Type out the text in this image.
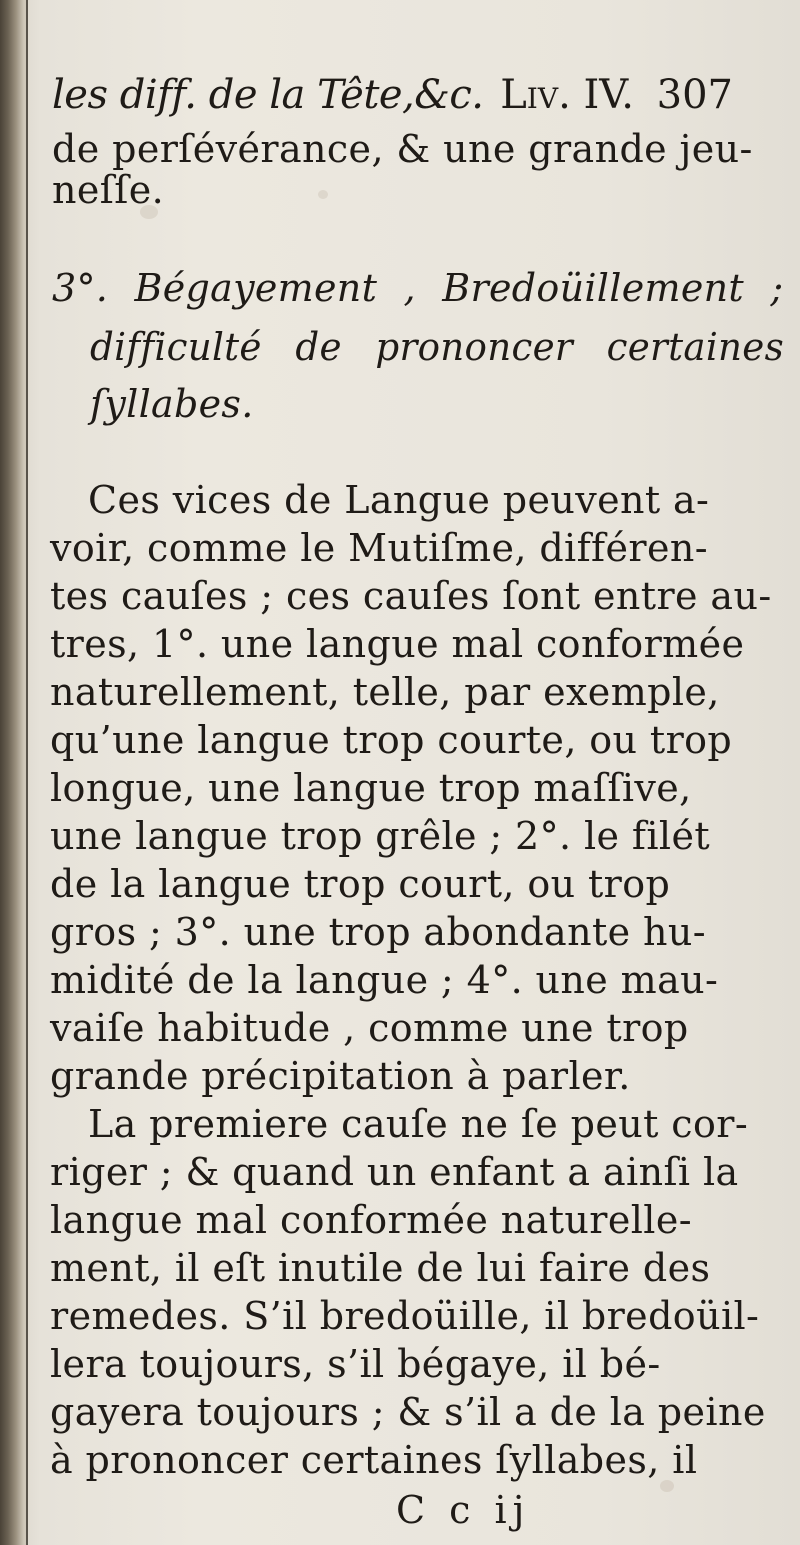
les diff. de la Tête,&c. Liv. IV. 307
de perſévérance, & une grande jeu-
neſſe.
3°. Bégayement , Bredoüillement ;
difficulté de prononcer certaines
ſyllabes.
Ces vices de Langue peuvent a-
voir, comme le Mutiſme, différen-
tes cauſes ; ces cauſes ſont entre au-
tres, 1°. une langue mal conformée
naturellement, telle, par exemple,
qu’une langue trop courte, ou trop
longue, une langue trop maſſive,
une langue trop grêle ; 2°. le filét
de la langue trop court, ou trop
gros ; 3°. une trop abondante hu-
midité de la langue ; 4°. une mau-
vaiſe habitude , comme une trop
grande précipitation à parler.
La premiere cauſe ne ſe peut cor-
riger ; & quand un enfant a ainſi la
langue mal conformée naturelle-
ment, il eſt inutile de lui faire des
remedes. S’il bredoüille, il bredoüil-
lera toujours, s’il bégaye, il bé-
gayera toujours ; & s’il a de la peine
à prononcer certaines ſyllabes, il
C c ij
